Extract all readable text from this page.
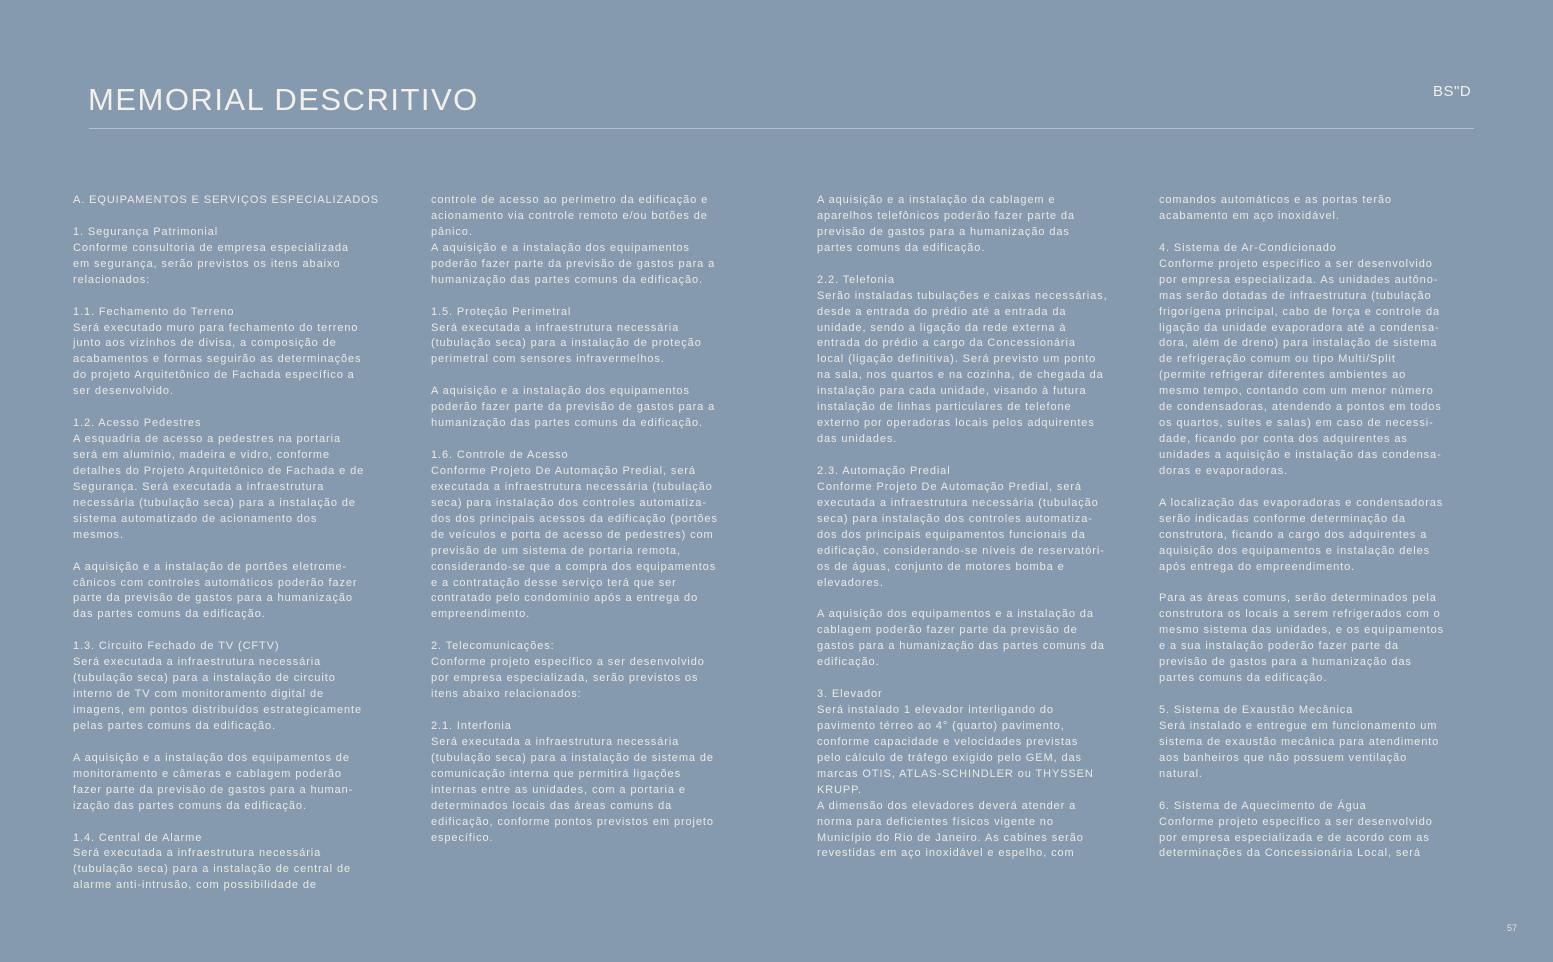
MEMORIAL DESCRITIVO	BS"D
A. EQUIPAMENTOS E SERVIÇOS ESPECIALIZADOS
1. Segurança Patrimonial
Conforme consultoria de empresa especializada
em segurança, serão previstos os itens abaixo
relacionados:
1.1. Fechamento do Terreno
Será executado muro para fechamento do terreno
junto aos vizinhos de divisa, a composição de
acabamentos e formas seguirão as determinações
do projeto Arquitetônico de Fachada específico a
ser desenvolvido.
1.2. Acesso Pedestres
A esquadria de acesso a pedestres na portaria
será em alumínio, madeira e vidro, conforme
detalhes do Projeto Arquitetônico de Fachada e de
Segurança. Será executada a infraestrutura
necessária (tubulação seca) para a instalação de
sistema automatizado de acionamento dos
mesmos.
A aquisição e a instalação de portões eletrome-
cânicos com controles automáticos poderão fazer
parte da previsão de gastos para a humanização
das partes comuns da edificação.
1.3. Circuito Fechado de TV (CFTV)
Será executada a infraestrutura necessária
(tubulação seca) para a instalação de circuito
interno de TV com monitoramento digital de
imagens, em pontos distribuídos estrategicamente
pelas partes comuns da edificação.
A aquisição e a instalação dos equipamentos de
monitoramento e câmeras e cablagem poderão
fazer parte da previsão de gastos para a human-
ização das partes comuns da edificação.
1.4. Central de Alarme
Será executada a infraestrutura necessária
(tubulação seca) para a instalação de central de
alarme anti-intrusão, com possibilidade de
controle de acesso ao perímetro da edificação e
acionamento via controle remoto e/ou botões de
pânico.
A aquisição e a instalação dos equipamentos
poderão fazer parte da previsão de gastos para a
humanização das partes comuns da edificação.
1.5. Proteção Perimetral
Será executada a infraestrutura necessária
(tubulação seca) para a instalação de proteção
perimetral com sensores infravermelhos.
A aquisição e a instalação dos equipamentos
poderão fazer parte da previsão de gastos para a
humanização das partes comuns da edificação.
1.6. Controle de Acesso
Conforme Projeto De Automação Predial, será
executada a infraestrutura necessária (tubulação
seca) para instalação dos controles automatiza-
dos dos principais acessos da edificação (portões
de veículos e porta de acesso de pedestres) com
previsão de um sistema de portaria remota,
considerando-se que a compra dos equipamentos
e a contratação desse serviço terá que ser
contratado pelo condomínio após a entrega do
empreendimento.
2. Telecomunicações:
Conforme projeto específico a ser desenvolvido
por empresa especializada, serão previstos os
itens abaixo relacionados:
2.1. Interfonia
Será executada a infraestrutura necessária
(tubulação seca) para a instalação de sistema de
comunicação interna que permitirá ligações
internas entre as unidades, com a portaria e
determinados locais das áreas comuns da
edificação, conforme pontos previstos em projeto
específico.
A aquisição e a instalação da cablagem e
aparelhos telefônicos poderão fazer parte da
previsão de gastos para a humanização das
partes comuns da edificação.
2.2. Telefonia
Serão instaladas tubulações e caixas necessárias,
desde a entrada do prédio até a entrada da
unidade, sendo a ligação da rede externa à
entrada do prédio a cargo da Concessionária
local (ligação definitiva). Será previsto um ponto
na sala, nos quartos e na cozinha, de chegada da
instalação para cada unidade, visando à futura
instalação de linhas particulares de telefone
externo por operadoras locais pelos adquirentes
das unidades.
2.3. Automação Predial
Conforme Projeto De Automação Predial, será
executada a infraestrutura necessária (tubulação
seca) para instalação dos controles automatiza-
dos dos principais equipamentos funcionais da
edificação, considerando-se níveis de reservatóri-
os de águas, conjunto de motores bomba e
elevadores.
A aquisição dos equipamentos e a instalação da
cablagem poderão fazer parte da previsão de
gastos para a humanização das partes comuns da
edificação.
3. Elevador
Será instalado 1 elevador interligando do
pavimento térreo ao 4° (quarto) pavimento,
conforme capacidade e velocidades previstas
pelo cálculo de tráfego exigido pelo GEM, das
marcas OTIS, ATLAS-SCHINDLER ou THYSSEN
KRUPP.
A dimensão dos elevadores deverá atender a
norma para deficientes físicos vigente no
Município do Rio de Janeiro. As cabines serão
revestidas em aço inoxidável e espelho, com
comandos automáticos e as portas terão
acabamento em aço inoxidável.
4. Sistema de Ar-Condicionado
Conforme projeto específico a ser desenvolvido
por empresa especializada. As unidades autôno-
mas serão dotadas de infraestrutura (tubulação
frigorígena principal, cabo de força e controle da
ligação da unidade evaporadora até a condensa-
dora, além de dreno) para instalação de sistema
de refrigeração comum ou tipo Multi/Split
(permite refrigerar diferentes ambientes ao
mesmo tempo, contando com um menor número
de condensadoras, atendendo a pontos em todos
os quartos, suítes e salas) em caso de necessi-
dade, ficando por conta dos adquirentes as
unidades a aquisição e instalação das condensa-
doras e evaporadoras.
A localização das evaporadoras e condensadoras
serão indicadas conforme determinação da
construtora, ficando a cargo dos adquirentes a
aquisição dos equipamentos e instalação deles
após entrega do empreendimento.
Para as áreas comuns, serão determinados pela
construtora os locais a serem refrigerados com o
mesmo sistema das unidades, e os equipamentos
e a sua instalação poderão fazer parte da
previsão de gastos para a humanização das
partes comuns da edificação.
5. Sistema de Exaustão Mecânica
Será instalado e entregue em funcionamento um
sistema de exaustão mecânica para atendimento
aos banheiros que não possuem ventilação
natural.
6. Sistema de Aquecimento de Água
Conforme projeto específico a ser desenvolvido
por empresa especializada e de acordo com as
determinações da Concessionária Local, será
57
